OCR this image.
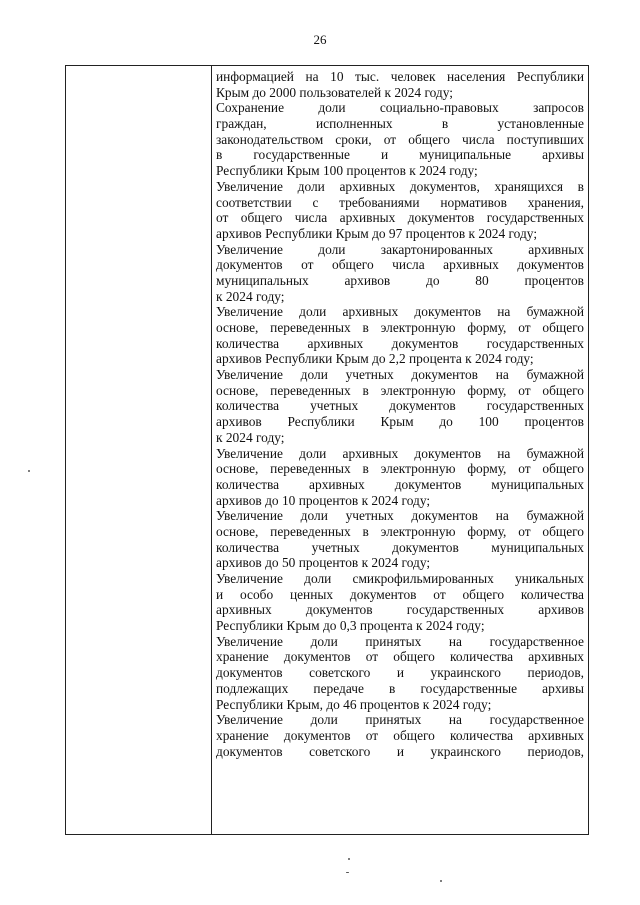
26
информацией на 10 тыс. человек населения Республики
Крым до 2000 пользователей к 2024 году;
Сохранение доли социально-правовых запросов
граждан, исполненных в установленные
законодательством сроки, от общего числа поступивших
в государственные и муниципальные архивы
Республики Крым 100 процентов к 2024 году;
Увеличение доли архивных документов, хранящихся в
соответствии с требованиями нормативов хранения,
от общего числа архивных документов государственных
архивов Республики Крым до 97 процентов к 2024 году;
Увеличение доли закартонированных архивных
документов от общего числа архивных документов
муниципальных архивов до 80 процентов
к 2024 году;
Увеличение доли архивных документов на бумажной
основе, переведенных в электронную форму, от общего
количества архивных документов государственных
архивов Республики Крым до 2,2 процента к 2024 году;
Увеличение доли учетных документов на бумажной
основе, переведенных в электронную форму, от общего
количества учетных документов государственных
архивов Республики Крым до 100 процентов
к 2024 году;
Увеличение доли архивных документов на бумажной
основе, переведенных в электронную форму, от общего
количества архивных документов муниципальных
архивов до 10 процентов к 2024 году;
Увеличение доли учетных документов на бумажной
основе, переведенных в электронную форму, от общего
количества учетных документов муниципальных
архивов до 50 процентов к 2024 году;
Увеличение доли смикрофильмированных уникальных
и особо ценных документов от общего количества
архивных документов государственных архивов
Республики Крым до 0,3 процента к 2024 году;
Увеличение доли принятых на государственное
хранение документов от общего количества архивных
документов советского и украинского периодов,
подлежащих передаче в государственные архивы
Республики Крым, до 46 процентов к 2024 году;
Увеличение доли принятых на государственное
хранение документов от общего количества архивных
документов советского и украинского периодов,
